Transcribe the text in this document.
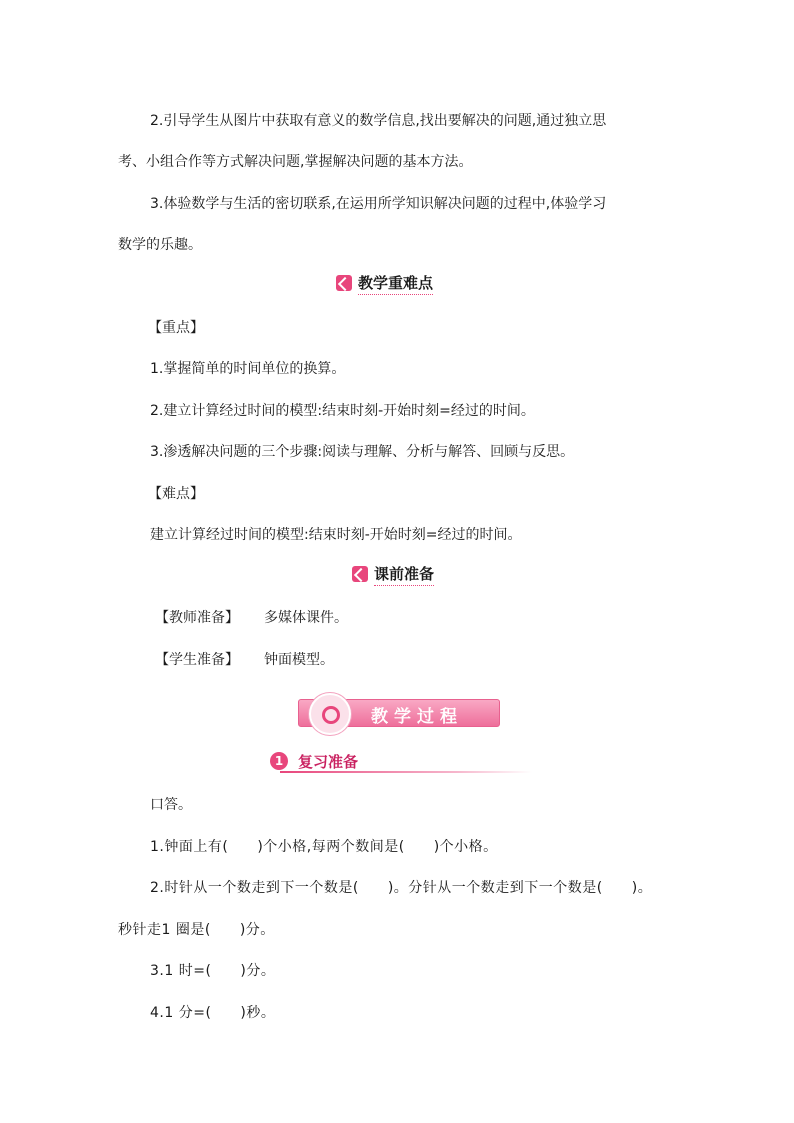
2.引导学生从图片中获取有意义的数学信息,找出要解决的问题,通过独立思
考、小组合作等方式解决问题,掌握解决问题的基本方法。
3.体验数学与生活的密切联系,在运用所学知识解决问题的过程中,体验学习
数学的乐趣。
教学重难点
【重点】
1.掌握简单的时间单位的换算。
2.建立计算经过时间的模型:结束时刻-开始时刻=经过的时间。
3.渗透解决问题的三个步骤:阅读与理解、分析与解答、回顾与反思。
【难点】
建立计算经过时间的模型:结束时刻-开始时刻=经过的时间。
课前准备
【教师准备】 多媒体课件。
【学生准备】 钟面模型。
教学过程
1 复习准备
口答。
1.钟面上有(　　)个小格,每两个数间是(　　)个小格。
2.时针从一个数走到下一个数是(　　)。分针从一个数走到下一个数是(　　)。
秒针走1 圈是(　　)分。
3.1 时=(　　)分。
4.1 分=(　　)秒。
